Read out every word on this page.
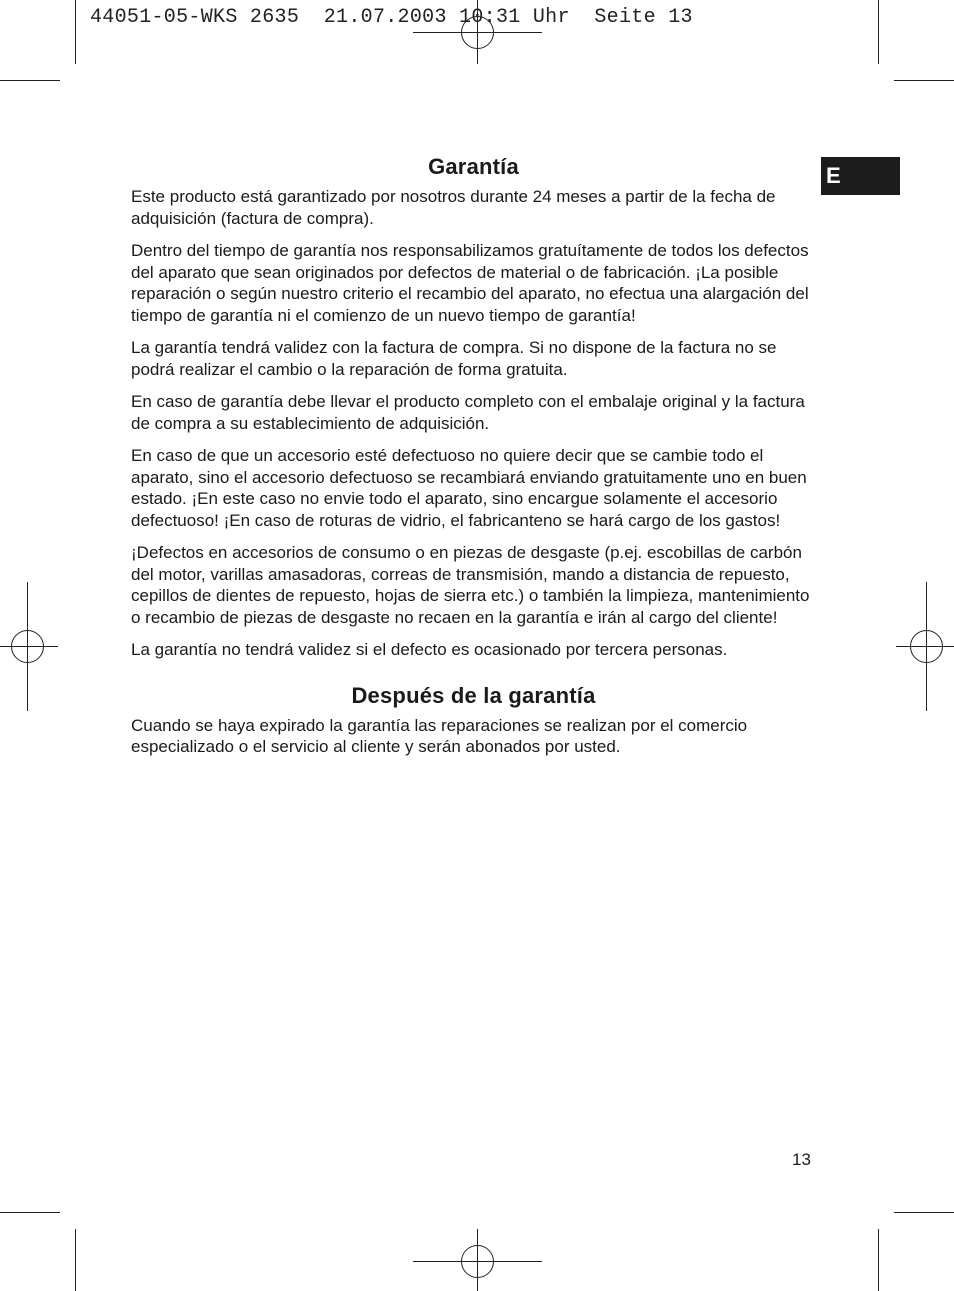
44051-05-WKS 2635  21.07.2003 10:31 Uhr  Seite 13
E
Garantía

Este producto está garantizado por nosotros durante 24 meses a partir de la fecha de adquisición (factura de compra).

Dentro del tiempo de garantía nos responsabilizamos gratuítamente de todos los defectos del aparato que sean originados por defectos de material o de fabricación. ¡La posible reparación o según nuestro criterio el recambio del aparato, no efectua una alargación del tiempo de garantía ni el comienzo de un nuevo tiempo de garantía!

La garantía tendrá validez con la factura de compra. Si no dispone de la factura no se podrá realizar el cambio o la reparación de forma gratuita.

En caso de garantía debe llevar el producto completo con el embalaje original y la factura de compra a su establecimiento de adquisición.

En caso de que un accesorio esté defectuoso no quiere decir que se cambie todo el aparato, sino el accesorio defectuoso se recambiará enviando gratuitamente uno en buen estado. ¡En este caso no envie todo el aparato, sino encargue solamente el accesorio defectuoso! ¡En caso de roturas de vidrio, el fabricanteno se hará cargo de los gastos!

¡Defectos en accesorios de consumo o en piezas de desgaste (p.ej. escobillas de carbón del motor, varillas amasadoras, correas de transmisión, mando a distancia de repuesto, cepillos de dientes de repuesto, hojas de sierra etc.) o también la limpieza, mantenimiento o recambio de piezas de desgaste no recaen en la garantía e irán al cargo del cliente!

La garantía no tendrá validez si el defecto es ocasionado por tercera personas.

Después de la garantía

Cuando se haya expirado la garantía las reparaciones se realizan por el comercio especializado o el servicio al cliente y serán abonados por usted.

13
